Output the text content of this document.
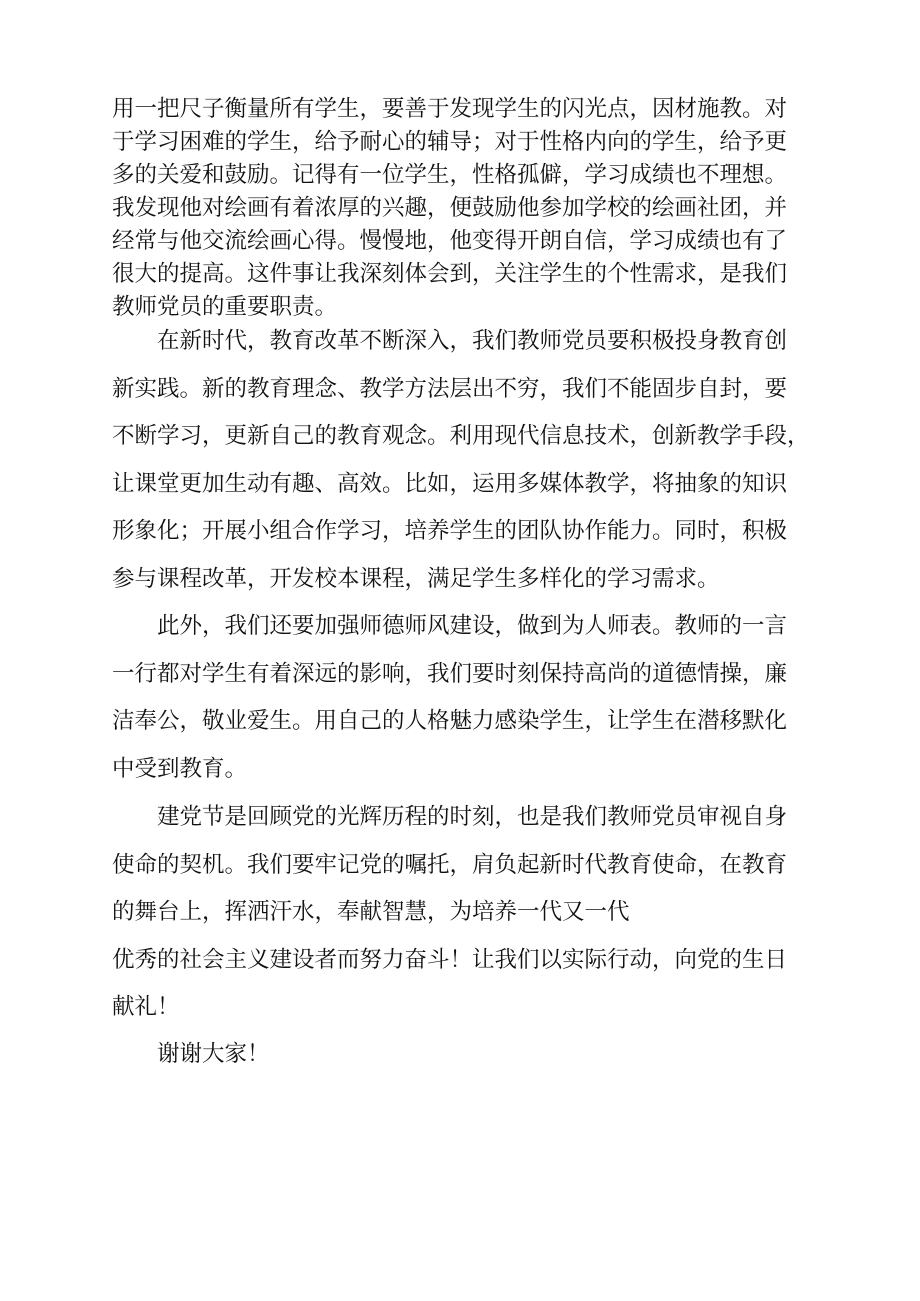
用一把尺子衡量所有学生，要善于发现学生的闪光点，因材施教。对
于学习困难的学生，给予耐心的辅导；对于性格内向的学生，给予更
多的关爱和鼓励。记得有一位学生，性格孤僻，学习成绩也不理想。
我发现他对绘画有着浓厚的兴趣，便鼓励他参加学校的绘画社团，并
经常与他交流绘画心得。慢慢地，他变得开朗自信，学习成绩也有了
很大的提高。这件事让我深刻体会到，关注学生的个性需求，是我们
教师党员的重要职责。
　　在新时代，教育改革不断深入，我们教师党员要积极投身教育创
新实践。新的教育理念、教学方法层出不穷，我们不能固步自封，要
不断学习，更新自己的教育观念。利用现代信息技术，创新教学手段，
让课堂更加生动有趣、高效。比如，运用多媒体教学，将抽象的知识
形象化；开展小组合作学习，培养学生的团队协作能力。同时，积极
参与课程改革，开发校本课程，满足学生多样化的学习需求。
　　此外，我们还要加强师德师风建设，做到为人师表。教师的一言
一行都对学生有着深远的影响，我们要时刻保持高尚的道德情操，廉
洁奉公，敬业爱生。用自己的人格魅力感染学生，让学生在潜移默化
中受到教育。
　　建党节是回顾党的光辉历程的时刻，也是我们教师党员审视自身
使命的契机。我们要牢记党的嘱托，肩负起新时代教育使命，在教育
的舞台上，挥洒汗水，奉献智慧，为培养一代又一代
优秀的社会主义建设者而努力奋斗！让我们以实际行动，向党的生日
献礼！
　　谢谢大家！
